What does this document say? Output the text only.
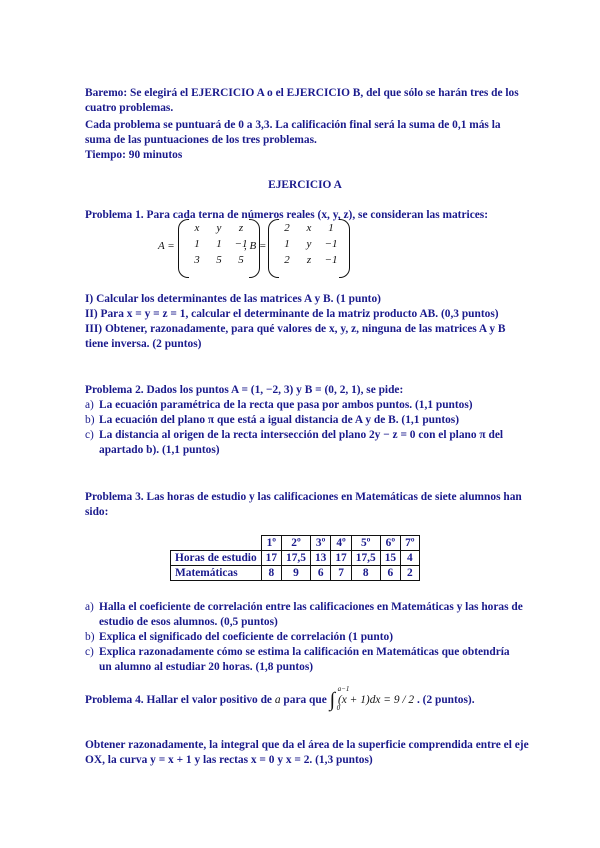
Baremo: Se elegirá el EJERCICIO A o el EJERCICIO B, del que sólo se harán tres de los cuatro problemas.

Cada problema se puntuará de 0 a 3,3. La calificación final será la suma de 0,1 más la suma de las puntuaciones de los tres problemas.

Tiempo: 90 minutos

EJERCICIO A

Problema 1. Para cada terna de números reales (x, y, z), se consideran las matrices:

A =
x	y	z
1	1	−1
3	5	5
, B =
2	x	1
1	y	−1
2	z	−1

I) Calcular los determinantes de las matrices A y B. (1 punto)

II) Para x = y = z = 1, calcular el determinante de la matriz producto AB. (0,3 puntos)

III) Obtener, razonadamente, para qué valores de x, y, z, ninguna de las matrices A y B tiene inversa. (2 puntos)

Problema 2. Dados los puntos A = (1, −2, 3) y B = (0, 2, 1), se pide:

a) La ecuación paramétrica de la recta que pasa por ambos puntos. (1,1 puntos)
b) La ecuación del plano π que está a igual distancia de A y de B. (1,1 puntos)
c) La distancia al origen de la recta intersección del plano 2y − z = 0 con el plano π del apartado b). (1,1 puntos)

Problema 3. Las horas de estudio y las calificaciones en Matemáticas de siete alumnos han sido:

	1º	2º	3º	4º	5º	6º	7º
Horas de estudio	17	17,5	13	17	17,5	15	4
Matemáticas	8	9	6	7	8	6	2
a) Halla el coeficiente de correlación entre las calificaciones en Matemáticas y las horas de estudio de esos alumnos. (0,5 puntos)
b) Explica el significado del coeficiente de correlación (1 punto)
c) Explica razonadamente cómo se estima la calificación en Matemáticas que obtendría un alumno al estudiar 20 horas. (1,8 puntos)
Problema 4. Hallar el valor positivo de a para que ∫ a−1
0
(x + 1)dx = 9 / 2 . (2 puntos).

Obtener razonadamente, la integral que da el área de la superficie comprendida entre el eje OX, la curva y = x + 1 y las rectas x = 0 y x = 2. (1,3 puntos)
